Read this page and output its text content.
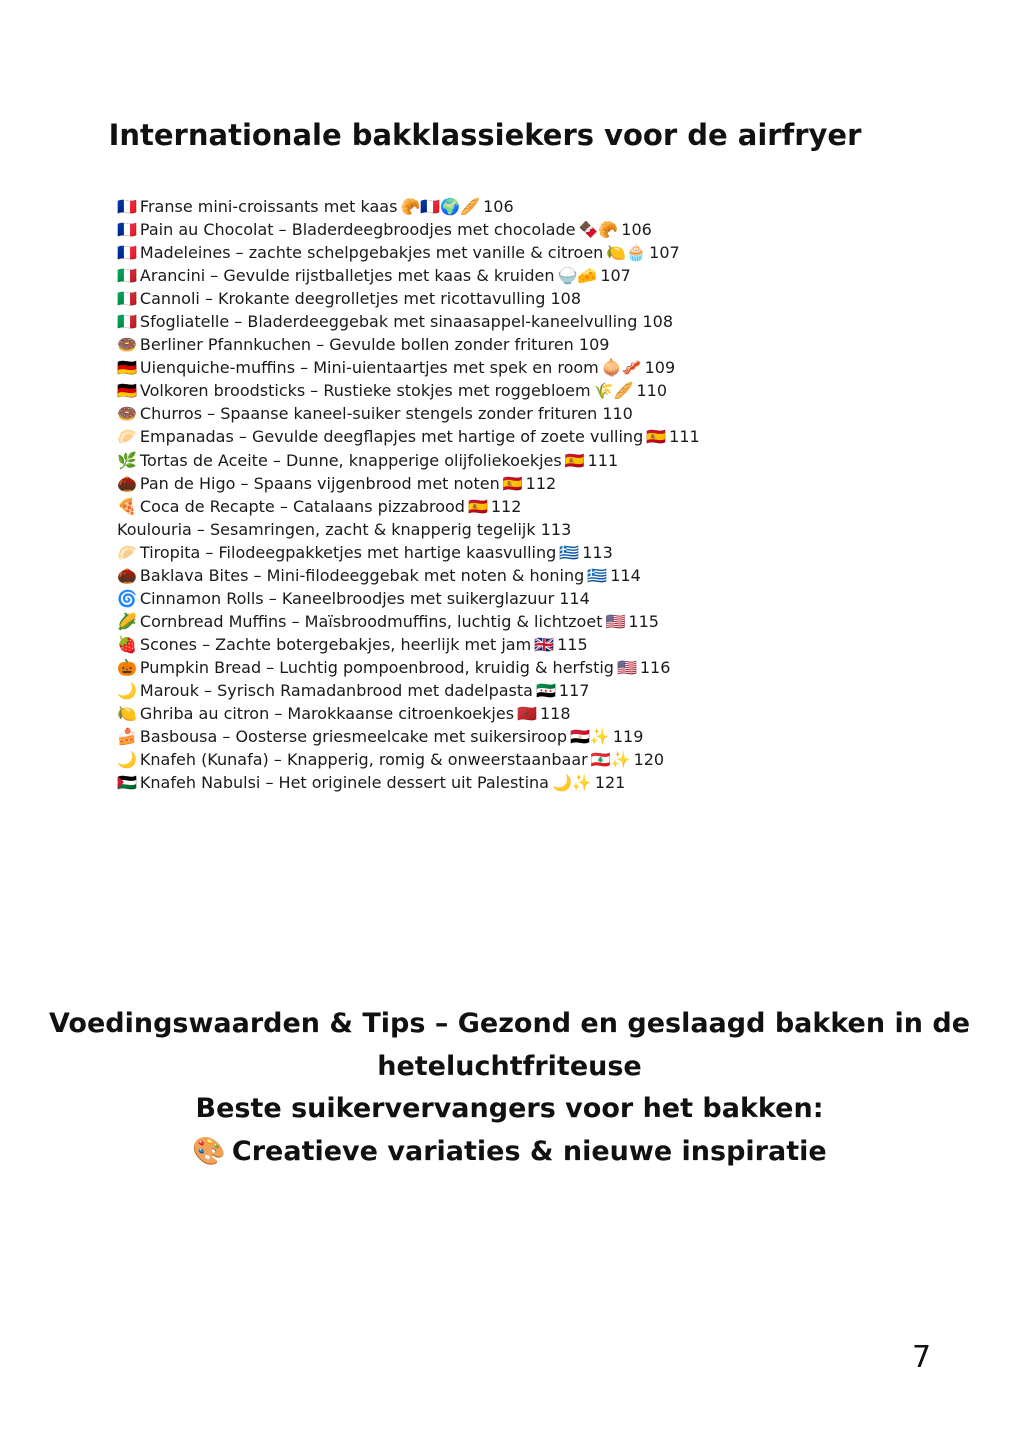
Internationale bakklassiekers voor de airfryer
🇫🇷 Franse mini-croissants met kaas 🥐🇫🇷🌍🥖 106
🇫🇷 Pain au Chocolat – Bladerdeegbroodjes met chocolade 🍫🥐 106
🇫🇷 Madeleines – zachte schelpgebakjes met vanille & citroen 🍋🧁 107
🇮🇹 Arancini – Gevulde rijstballetjes met kaas & kruiden 🍚🧀 107
🇮🇹 Cannoli – Krokante deegrolletjes met ricottavulling 108
🇮🇹 Sfogliatelle – Bladerdeeggebak met sinaasappel-kaneelvulling 108
🍩 Berliner Pfannkuchen – Gevulde bollen zonder frituren 109
🇩🇪 Uienquiche-muffins – Mini-uientaartjes met spek en room 🧅🥓 109
🇩🇪 Volkoren broodsticks – Rustieke stokjes met roggebloem 🌾🥖 110
🍩 Churros – Spaanse kaneel-suiker stengels zonder frituren 110
🥟 Empanadas – Gevulde deegflapjes met hartige of zoete vulling 🇪🇸 111
🌿 Tortas de Aceite – Dunne, knapperige olijfoliekoekjes 🇪🇸 111
🌰 Pan de Higo – Spaans vijgenbrood met noten 🇪🇸 112
🍕 Coca de Recapte – Catalaans pizzabrood 🇪🇸 112
Koulouria – Sesamringen, zacht & knapperig tegelijk 113
🥟 Tiropita – Filodeegpakketjes met hartige kaasvulling 🇬🇷 113
🌰 Baklava Bites – Mini-filodeeggebak met noten & honing 🇬🇷 114
🌀 Cinnamon Rolls – Kaneelbroodjes met suikerglazuur 114
🌽 Cornbread Muffins – Maïsbroodmuffins, luchtig & lichtzoet 🇺🇸 115
🍓 Scones – Zachte botergebakjes, heerlijk met jam 🇬🇧 115
🎃 Pumpkin Bread – Luchtig pompoenbrood, kruidig & herfstig 🇺🇸 116
🌙 Marouk – Syrisch Ramadanbrood met dadelpasta 🇸🇾 117
🍋 Ghriba au citron – Marokkaanse citroenkoekjes 🇲🇦 118
🍰 Basbousa – Oosterse griesmeelcake met suikersiroop 🇪🇬✨ 119
🌙 Knafeh (Kunafa) – Knapperig, romig & onweerstaanbaar 🇱🇧✨ 120
🇵🇸 Knafeh Nabulsi – Het originele dessert uit Palestina 🌙✨ 121
Voedingswaarden & Tips – Gezond en geslaagd bakken in de
heteluchtfriteuse
Beste suikervervangers voor het bakken:
🎨 Creatieve variaties & nieuwe inspiratie
7
